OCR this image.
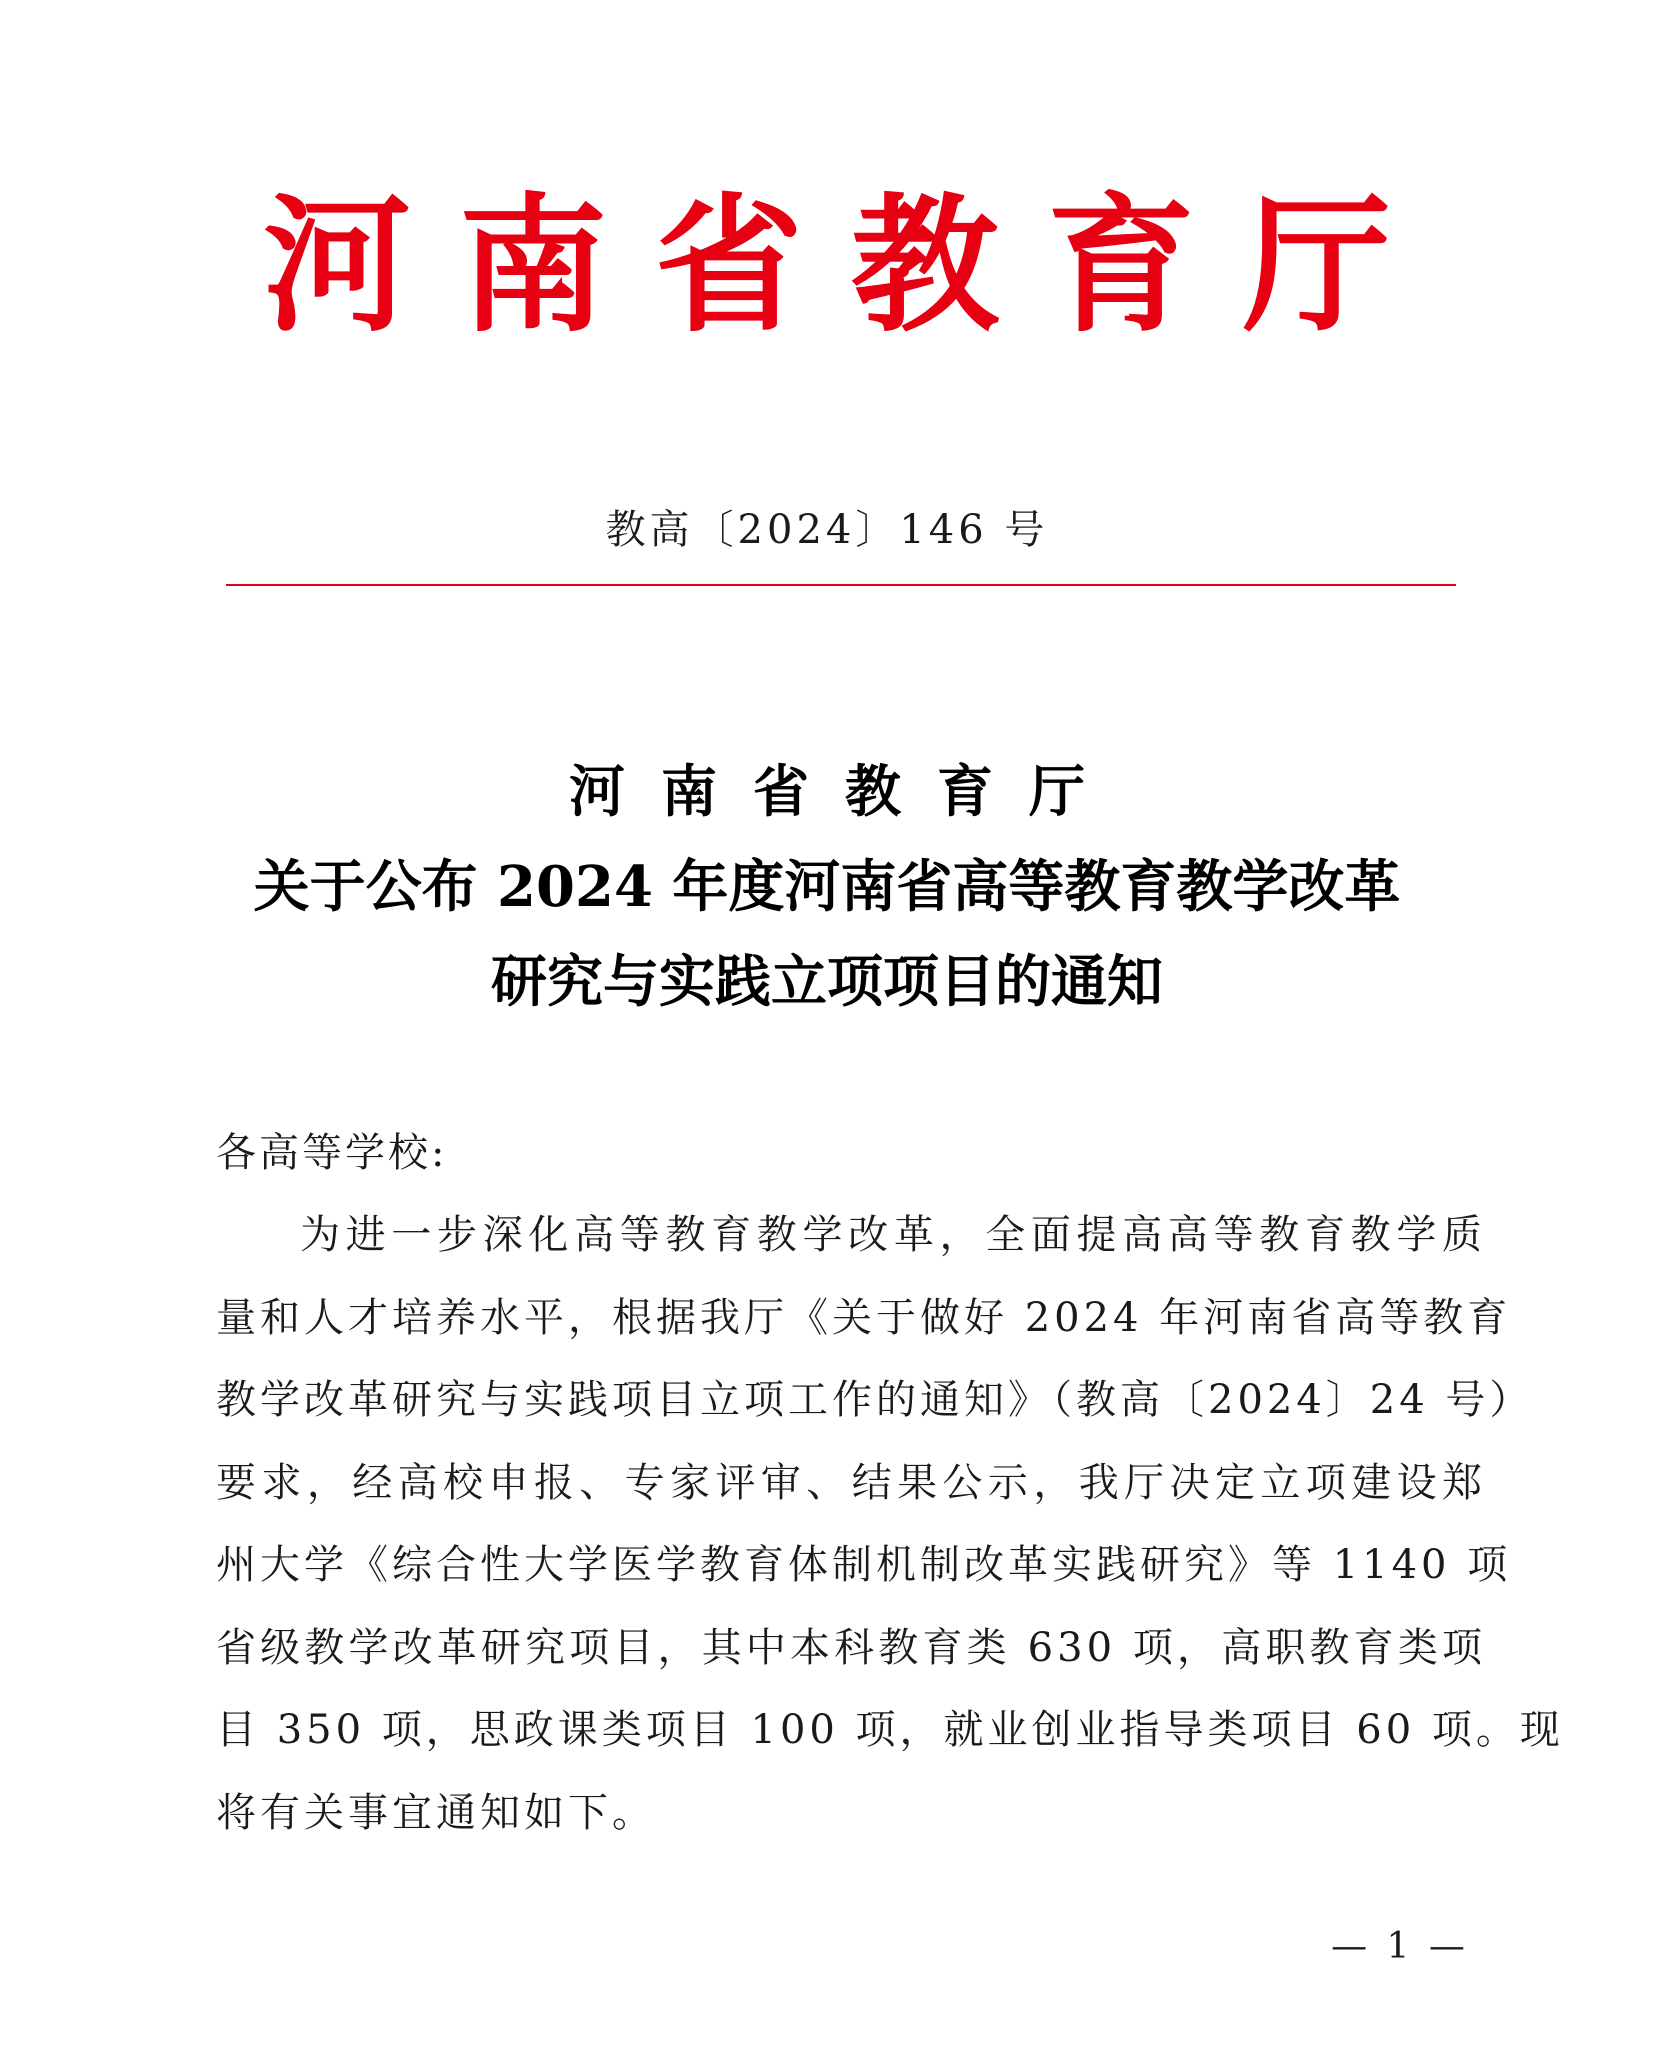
河南省教育厅
教高〔2024〕146 号
河南省教育厅
关于公布 2024 年度河南省高等教育教学改革
研究与实践立项项目的通知
各高等学校:
为进一步深化高等教育教学改革，全面提高高等教育教学质
量和人才培养水平，根据我厅《关于做好 2024 年河南省高等教育
教学改革研究与实践项目立项工作的通知》（教高〔2024〕24 号）
要求，经高校申报、专家评审、结果公示，我厅决定立项建设郑
州大学《综合性大学医学教育体制机制改革实践研究》等 1140 项
省级教学改革研究项目，其中本科教育类 630 项，高职教育类项
目 350 项，思政课类项目 100 项，就业创业指导类项目 60 项。现
将有关事宜通知如下。
— 1 —
